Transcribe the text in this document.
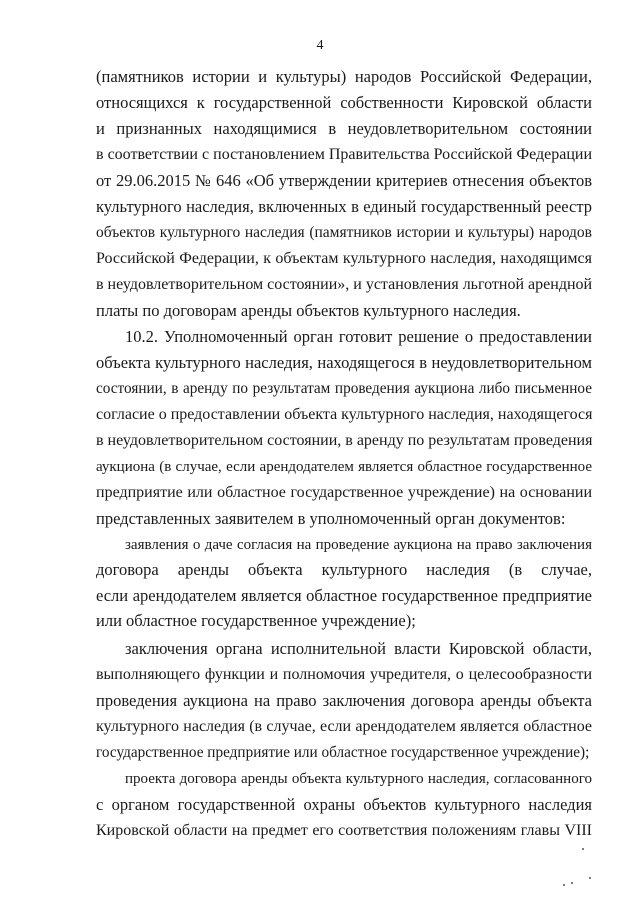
4
(памятников истории и культуры) народов Российской Федерации,
относящихся к государственной собственности Кировской области
и признанных находящимися в неудовлетворительном состоянии
в соответствии с постановлением Правительства Российской Федерации
от 29.06.2015 № 646 «Об утверждении критериев отнесения объектов
культурного наследия, включенных в единый государственный реестр
объектов культурного наследия (памятников истории и культуры) народов
Российской Федерации, к объектам культурного наследия, находящимся
в неудовлетворительном состоянии», и установления льготной арендной
платы по договорам аренды объектов культурного наследия.
10.2. Уполномоченный орган готовит решение о предоставлении
объекта культурного наследия, находящегося в неудовлетворительном
состоянии, в аренду по результатам проведения аукциона либо письменное
согласие о предоставлении объекта культурного наследия, находящегося
в неудовлетворительном состоянии, в аренду по результатам проведения
аукциона (в случае, если арендодателем является областное государственное
предприятие или областное государственное учреждение) на основании
представленных заявителем в уполномоченный орган документов:
заявления о даче согласия на проведение аукциона на право заключения
договора аренды объекта культурного наследия (в случае,
если арендодателем является областное государственное предприятие
или областное государственное учреждение);
заключения органа исполнительной власти Кировской области,
выполняющего функции и полномочия учредителя, о целесообразности
проведения аукциона на право заключения договора аренды объекта
культурного наследия (в случае, если арендодателем является областное
государственное предприятие или областное государственное учреждение);
проекта договора аренды объекта культурного наследия, согласованного
с органом государственной охраны объектов культурного наследия
Кировской области на предмет его соответствия положениям главы VIII
